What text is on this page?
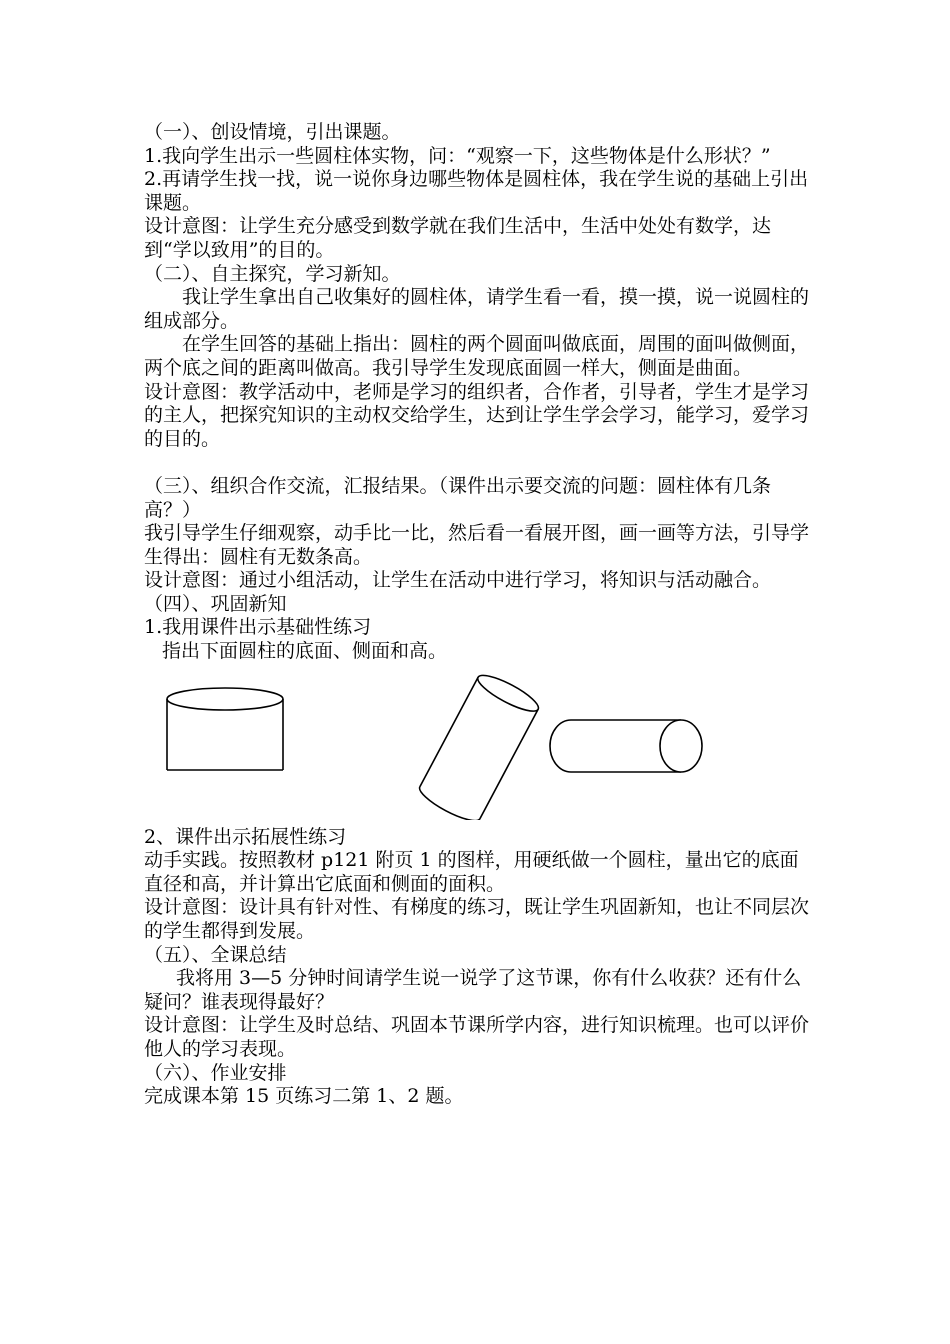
（一）、创设情境，引出课题。

1.我向学生出示一些圆柱体实物，问：“观察一下，这些物体是什么形状？”

2.再请学生找一找，说一说你身边哪些物体是圆柱体，我在学生说的基础上引出课题。

设计意图：让学生充分感受到数学就在我们生活中，生活中处处有数学，达到“学以致用”的目的。

（二）、自主探究，学习新知。

我让学生拿出自己收集好的圆柱体，请学生看一看，摸一摸，说一说圆柱的组成部分。

在学生回答的基础上指出：圆柱的两个圆面叫做底面，周围的面叫做侧面，两个底之间的距离叫做高。我引导学生发现底面圆一样大，侧面是曲面。

设计意图：教学活动中，老师是学习的组织者，合作者，引导者，学生才是学习的主人，把探究知识的主动权交给学生，达到让学生学会学习，能学习，爱学习的目的。

（三）、组织合作交流，汇报结果。（课件出示要交流的问题：圆柱体有几条高？）

我引导学生仔细观察，动手比一比，然后看一看展开图，画一画等方法，引导学生得出：圆柱有无数条高。

设计意图：通过小组活动，让学生在活动中进行学习，将知识与活动融合。

（四）、巩固新知

1.我用课件出示基础性练习

指出下面圆柱的底面、侧面和高。

2、课件出示拓展性练习

动手实践。按照教材 p121 附页 1 的图样，用硬纸做一个圆柱，量出它的底面直径和高，并计算出它底面和侧面的面积。

设计意图：设计具有针对性、有梯度的练习，既让学生巩固新知，也让不同层次的学生都得到发展。

（五）、全课总结

我将用 3—5 分钟时间请学生说一说学了这节课，你有什么收获？还有什么疑问？谁表现得最好？

设计意图：让学生及时总结、巩固本节课所学内容，进行知识梳理。也可以评价他人的学习表现。

（六）、作业安排

完成课本第 15 页练习二第 1、2 题。
